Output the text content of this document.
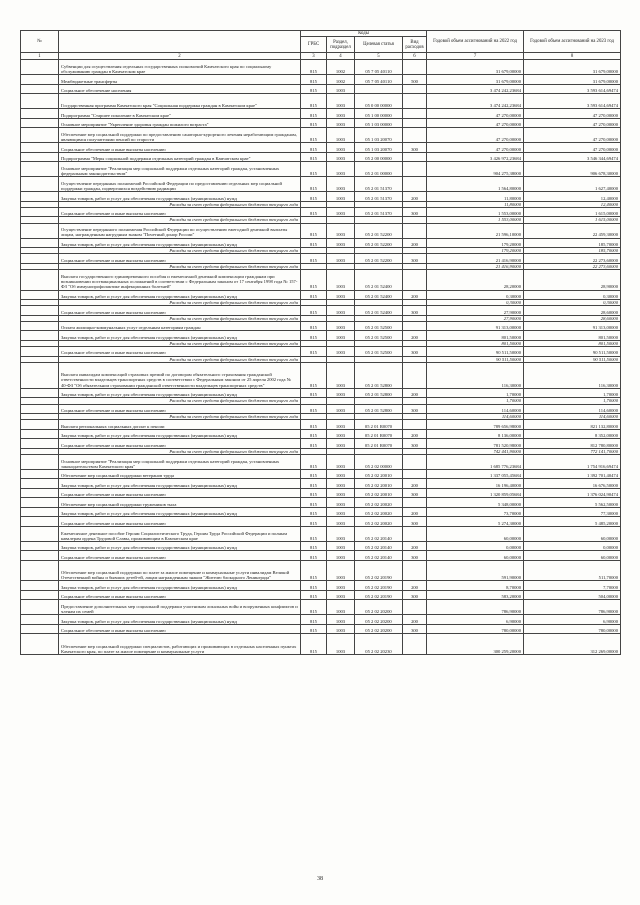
№		Коды				Годовой объем ассигнований на 2022 год	Годовой объем ассигнований на 2023 год
		ГРБС	Раздел, подраздел	Целевая статья	Вид расходов		
1	2	3	4	5	6	7	8
	Субвенции для осуществления отдельных государственных полномочий Камчатского края по социальному обслуживанию граждан в Камчатском крае	815	1002	05 7 05 40110		31 679,00000	31 679,00000
	Межбюджетные трансферты	815	1002	05 7 05 40110	500	31 679,00000	31 679,00000
	Социальное обеспечение населения	815	1003			3 474 242,23684	3 593 614,69474
	Государственная программа Камчатского края "Социальная поддержка граждан в Камчатском крае"	815	1003	05 0 00 00000		3 474 242,23684	3 593 614,69474
	Подпрограмма "Старшее поколение в Камчатском крае"	815	1003	05 1 00 00000		47 270,00000	47 270,00000
	Основное мероприятие "Укрепление здоровья граждан пожилого возраста"	815	1003	05 1 03 00000		47 270,00000	47 270,00000
	Обеспечение мер социальной поддержки по предоставлению санаторно-курортного лечения неработающим гражданам, являющимся получателями пенсий по старости	815	1003	05 1 03 20070		47 270,00000	47 270,00000
	Социальное обеспечение и иные выплаты населению	815	1003	05 1 03 20070	300	47 270,00000	47 270,00000
	Подпрограмма "Меры социальной поддержки отдельных категорий граждан в Камчатском крае"	815	1003	05 2 00 00000		3 426 972,23684	3 546 344,69474
	Основное мероприятие "Реализация мер социальной поддержки отдельных категорий граждан, установленных федеральным законодательством"	815	1003	05 2 01 00000		904 275,38000	906 678,30000
	Осуществление переданных полномочий Российской Федерации по предоставлению отдельных мер социальной поддержки граждан, подвергшихся воздействию радиации	815	1003	05 2 01 51370		1 564,80000	1 627,40000
	Закупка товаров, работ и услуг для обеспечения государственных (муниципальных) нужд	815	1003	05 2 01 51370	200	11,80000	12,40000
	Расходы за счет средств федерального бюджета текущего года					11,80000	12,40000
	Социальное обеспечение и иные выплаты населению	815	1003	05 2 01 51370	300	1 553,00000	1 615,00000
	Расходы за счет средств федерального бюджета текущего года					1 553,00000	1 615,00000
	Осуществление переданного полномочия Российской Федерации по осуществлению ежегодной денежной выплаты лицам, награжденным нагрудным знаком "Почетный донор России"	815	1003	05 2 01 52200		21 596,10000	22 459,30000
	Закупка товаров, работ и услуг для обеспечения государственных (муниципальных) нужд	815	1003	05 2 01 52200	200	179,20000	185,70000
	Расходы за счет средств федерального бюджета текущего года					179,20000	185,70000
	Социальное обеспечение и иные выплаты населению	815	1003	05 2 01 52200	300	21 416,90000	22 273,60000
	Расходы за счет средств федерального бюджета текущего года					21 416,90000	22 273,60000
	Выплата государственного единовременного пособия и ежемесячной денежной компенсации гражданам при возникновении поствакцинальных осложнений в соответствии с Федеральным законом от 17 сентября 1998 года № 157-ФЗ "Об иммунопрофилактике инфекционных болезней"	815	1003	05 2 01 52400		28,20000	28,90000
	Закупка товаров, работ и услуг для обеспечения государственных (муниципальных) нужд	815	1003	05 2 01 52400	200	0,30000	0,30000
	Расходы за счет средств федерального бюджета текущего года					0,30000	0,30000
	Социальное обеспечение и иные выплаты населению	815	1003	05 2 01 52400	300	27,90000	28,60000
	Расходы за счет средств федерального бюджета текущего года					27,90000	28,60000
	Оплата жилищно-коммунальных услуг отдельным категориям граждан	815	1003	05 2 01 52500		91 313,00000	91 313,00000
	Закупка товаров, работ и услуг для обеспечения государственных (муниципальных) нужд	815	1003	05 2 01 52500	200	801,50000	801,50000
	Расходы за счет средств федерального бюджета текущего года					801,50000	801,50000
	Социальное обеспечение и иные выплаты населению	815	1003	05 2 01 52500	300	90 511,50000	90 511,50000
	Расходы за счет средств федерального бюджета текущего года					90 511,50000	90 511,50000
	Выплата инвалидам компенсаций страховых премий по договорам обязательного страхования гражданской ответственности владельцев транспортных средств в соответствии с Федеральным законом от 25 апреля 2002 года № 40-ФЗ "Об обязательном страховании гражданской ответственности владельцев транспортных средств"	815	1003	05 2 01 52800		116,30000	116,30000
	Закупка товаров, работ и услуг для обеспечения государственных (муниципальных) нужд	815	1003	05 2 01 52800	200	1,70000	1,70000
	Расходы за счет средств федерального бюджета текущего года					1,70000	1,70000
	Социальное обеспечение и иные выплаты населению	815	1003	05 2 01 52800	300	114,60000	114,60000
	Расходы за счет средств федерального бюджета текущего года					114,60000	114,60000
	Выплата региональных социальных доплат к пенсии	815	1003	05 2 01 R0070		789 656,98000	821 132,80000
	Закупка товаров, работ и услуг для обеспечения государственных (муниципальных) нужд	815	1003	05 2 01 R0070	200	8 136,00000	8 352,00000
	Социальное обеспечение и иные выплаты населению	815	1003	05 2 01 R0070	300	781 520,98000	812 780,80000
	Расходы за счет средств федерального бюджета текущего года					742 441,90000	772 141,70000
	Основное мероприятие "Реализация мер социальной поддержки отдельных категорий граждан, установленных законодательством Камчатского края"	815	1003	05 2 02 00000		1 685 776,23684	1 754 916,69474
	Обеспечение мер социальной поддержки ветеранов труда	815	1003	05 2 02 20010		1 337 055,45684	1 392 701,40474
	Закупка товаров, работ и услуг для обеспечения государственных (муниципальных) нужд	815	1003	05 2 02 20010	200	16 196,40000	16 676,50000
	Социальное обеспечение и иные выплаты населению	815	1003	05 2 02 20010	300	1 320 859,05684	1 376 024,90474
	Обеспечение мер социальной поддержки тружеников тыла	815	1003	05 2 02 20020		5 348,00000	5 562,50000
	Закупка товаров, работ и услуг для обеспечения государственных (муниципальных) нужд	815	1003	05 2 02 20020	200	73,70000	77,30000
	Социальное обеспечение и иные выплаты населению	815	1003	05 2 02 20020	300	5 274,30000	5 485,20000
	Ежемесячное денежное пособие Героям Социалистического Труда, Героям Труда Российской Федерации и полным кавалерам ордена Трудовой Славы, проживающим в Камчатском крае	815	1003	05 2 02 20140		60,00000	60,00000
	Закупка товаров, работ и услуг для обеспечения государственных (муниципальных) нужд	815	1003	05 2 02 20140	200	0,00000	0,00000
	Социальное обеспечение и иные выплаты населению	815	1003	05 2 02 20140	300	60,00000	60,00000
	Обеспечение мер социальной поддержки по плате за жилое помещение и коммунальные услуги инвалидам Великой Отечественной войны и бывших детей-ей, лицам награжденным знаком "Жителю блокадного Ленинграда"	815	1003	05 2 02 20190		591,90000	511,70000
	Закупка товаров, работ и услуг для обеспечения государственных (муниципальных) нужд	815	1003	05 2 02 20190	200	8,70000	7,70000
	Социальное обеспечение и иные выплаты населению	815	1003	05 2 02 20190	300	583,20000	504,00000
	Предоставление дополнительных мер социальной поддержки участникам локальных войн и вооруженных конфликтов и членам их семей	815	1003	05 2 02 20200		786,90000	786,90000
	Закупка товаров, работ и услуг для обеспечения государственных (муниципальных) нужд	815	1003	05 2 02 20200	200	6,90000	6,90000
	Социальное обеспечение и иные выплаты населению	815	1003	05 2 02 20200	300	780,00000	780,00000
	Обеспечение мер социальной поддержки специалистов, работающих и проживающих в отдельных населенных пунктах Камчатского края, по плате за жилое помещение и коммунальные услуги	815	1003	05 2 02 20230		300 259,20000	312 269,00000
38
